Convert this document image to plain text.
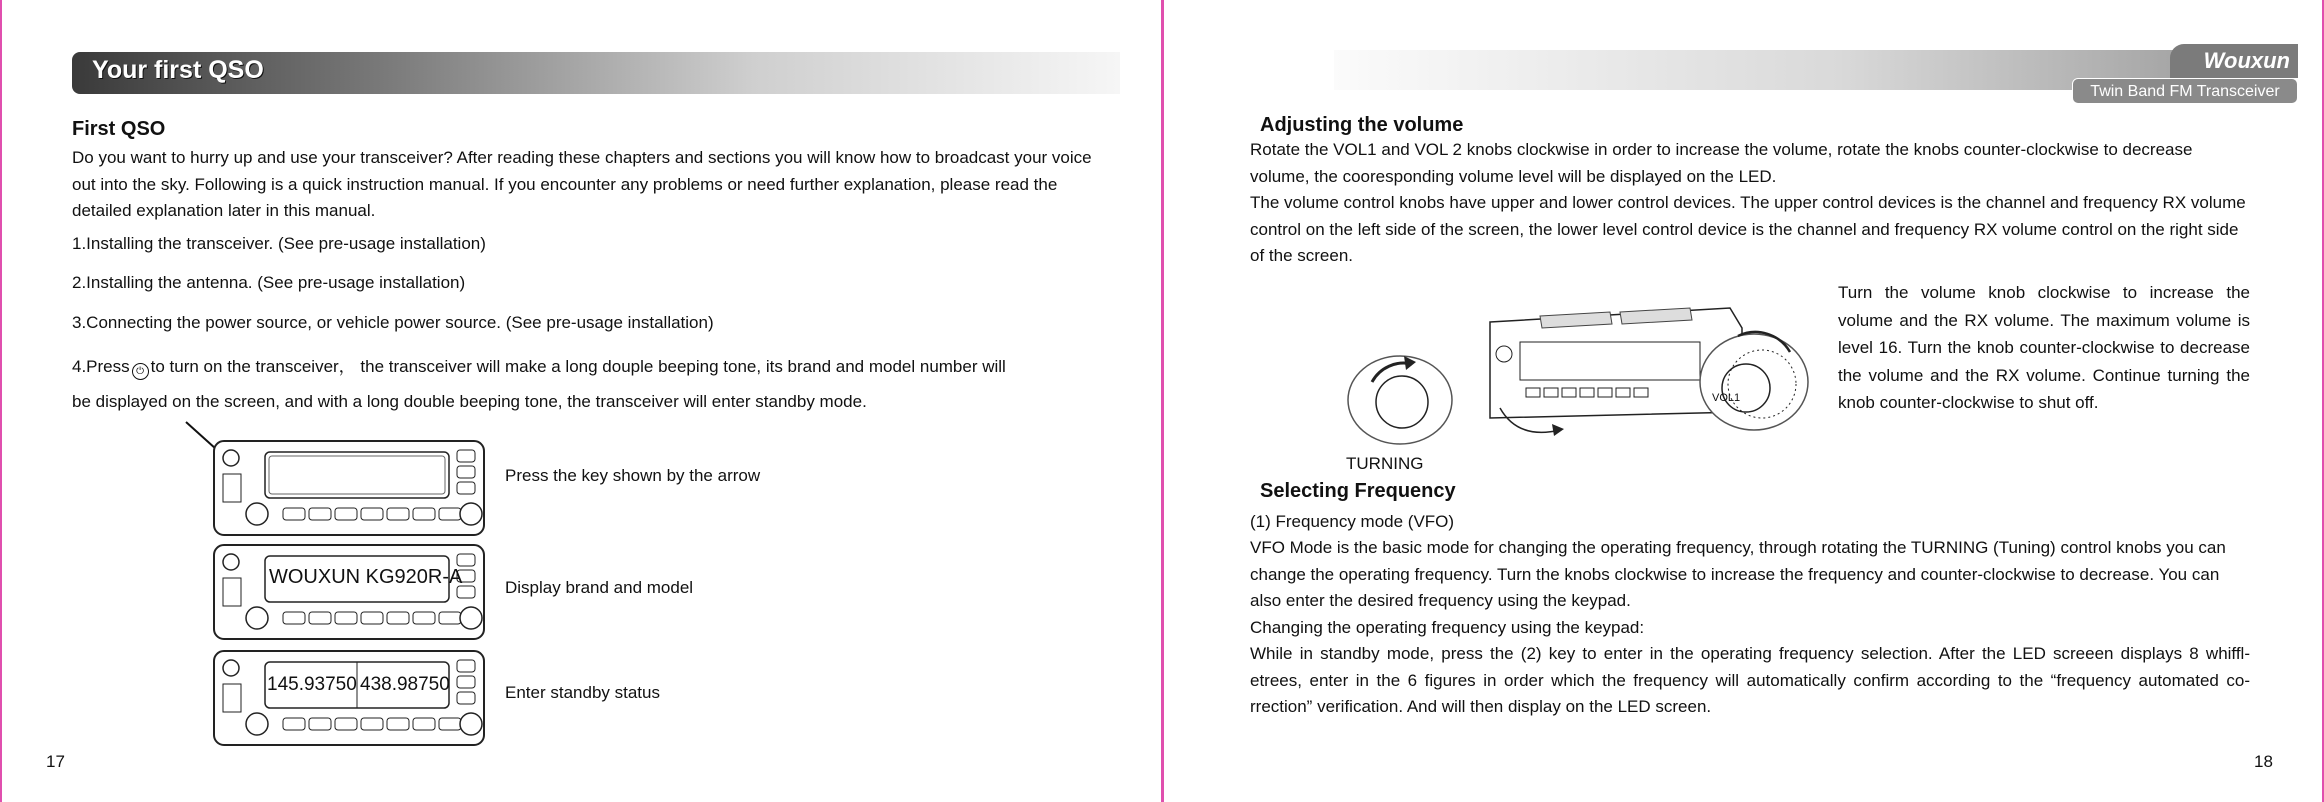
Your first QSO
First QSO

Do you want to hurry up and use your transceiver? After reading these chapters and sections you will know how to broadcast your voice out into the sky. Following is a quick instruction manual. If you encounter any problems or need further explanation, please read the detailed explanation later in this manual.

1.Installing the transceiver. (See pre-usage installation)

2.Installing the antenna. (See pre-usage installation)

3.Connecting the power source, or vehicle power source. (See pre-usage installation)

4.Press ⏻ to turn on the transceiver， the transceiver will make a long douple beeping tone, its brand and model number will

be displayed on the screen, and with a long double beeping tone, the transceiver will enter standby mode.

Press the key shown by the arrow
WOUXUN KG920R-A	Display brand and model
145.93750 438.98750	Enter standby status
17
Wouxun
Twin Band FM Transceiver
Adjusting the volume

Rotate the VOL1 and VOL 2 knobs clockwise in order to increase the volume, rotate the knobs counter-clockwise to decrease volume, the cooresponding volume level will be displayed on the LED.

The volume control knobs have upper and lower control devices. The upper control devices is the channel and frequency RX volume control on the left side of the screen, the lower level control device is the channel and frequency RX volume control on the right side of the screen.

Turn the volume knob clockwise to increase the volume and the RX volume. The maximum volume is level 16. Turn the knob counter-clockwise to decrease the volume and the RX volume. Continue turning the knob counter-clockwise to shut off.

VOL1
TURNING
Selecting Frequency

(1) Frequency mode (VFO)

VFO Mode is the basic mode for changing the operating frequency, through rotating the TURNING (Tuning) control knobs you can change the operating frequency. Turn the knobs clockwise to increase the frequency and counter-clockwise to decrease. You can also enter the desired frequency using the keypad.

Changing the operating frequency using the keypad:

While in standby mode, press the (2) key to enter in the operating frequency selection. After the LED screeen displays 8 whiffl-etrees, enter in the 6 figures in order which the frequency will automatically confirm according to the “frequency automated co-rrection” verification. And will then display on the LED screen.

18
